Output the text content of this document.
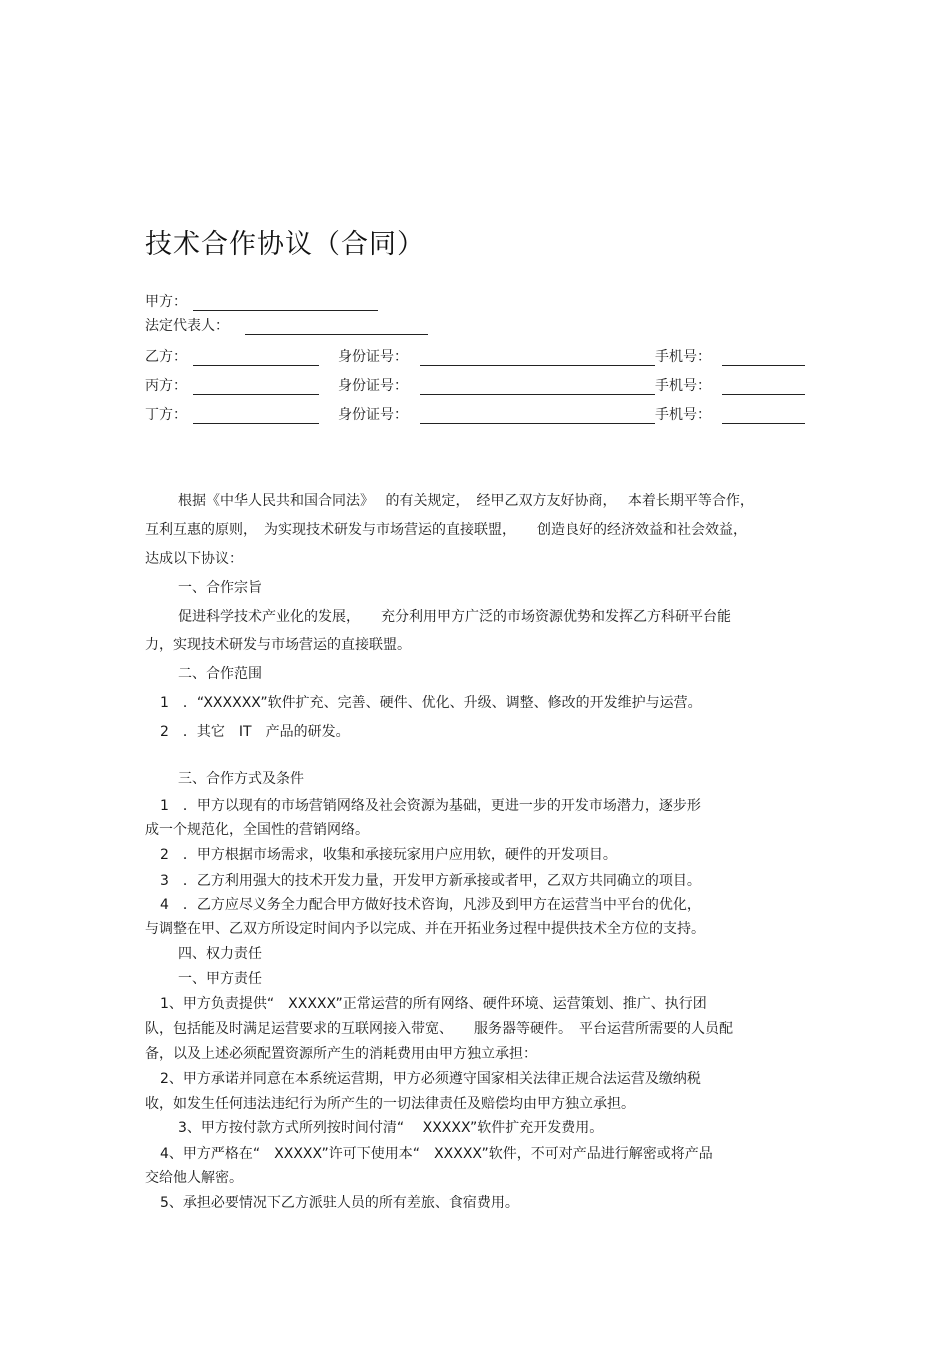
技术合作协议（合同）
甲方：
法定代表人：
乙方：	身份证号：	手机号：
丙方：	身份证号：	手机号：
丁方：	身份证号：	手机号：
根据《中华人民共和国合同法》　 的有关规定，　经甲乙双方友好协商，　 本着长期平等合作，
互利互惠的原则，　为实现技术研发与市场营运的直接联盟，　　创造良好的经济效益和社会效益，
达成以下协议：
一、合作宗旨
促进科学技术产业化的发展，　　充分利用甲方广泛的市场资源优势和发挥乙方科研平台能
力，实现技术研发与市场营运的直接联盟。
二、合作范围
1　．“XXXXXX”软件扩充、完善、硬件、优化、升级、调整、修改的开发维护与运营。
2　．其它　IT　产品的研发。
三、合作方式及条件
1　．甲方以现有的市场营销网络及社会资源为基础，更进一步的开发市场潜力，逐步形
成一个规范化，全国性的营销网络。
2　．甲方根据市场需求，收集和承接玩家用户应用软，硬件的开发项目。
3　．乙方利用强大的技术开发力量，开发甲方新承接或者甲，乙双方共同确立的项目。
4　．乙方应尽义务全力配合甲方做好技术咨询，凡涉及到甲方在运营当中平台的优化，
与调整在甲、乙双方所设定时间内予以完成、并在开拓业务过程中提供技术全方位的支持。
四、权力责任
一、甲方责任
1、甲方负责提供“　XXXXX”正常运营的所有网络、硬件环境、运营策划、推广、执行团
队，包括能及时满足运营要求的互联网接入带宽、　　服务器等硬件。　平台运营所需要的人员配
备，以及上述必须配置资源所产生的消耗费用由甲方独立承担：
2、甲方承诺并同意在本系统运营期，甲方必须遵守国家相关法律正规合法运营及缴纳税
收，如发生任何违法违纪行为所产生的一切法律责任及赔偿均由甲方独立承担。
3、甲方按付款方式所列按时间付清“　 XXXXX”软件扩充开发费用。
4、甲方严格在“　XXXXX”许可下使用本“　XXXXX”软件，不可对产品进行解密或将产品
交给他人解密。
5、承担必要情况下乙方派驻人员的所有差旅、食宿费用。
